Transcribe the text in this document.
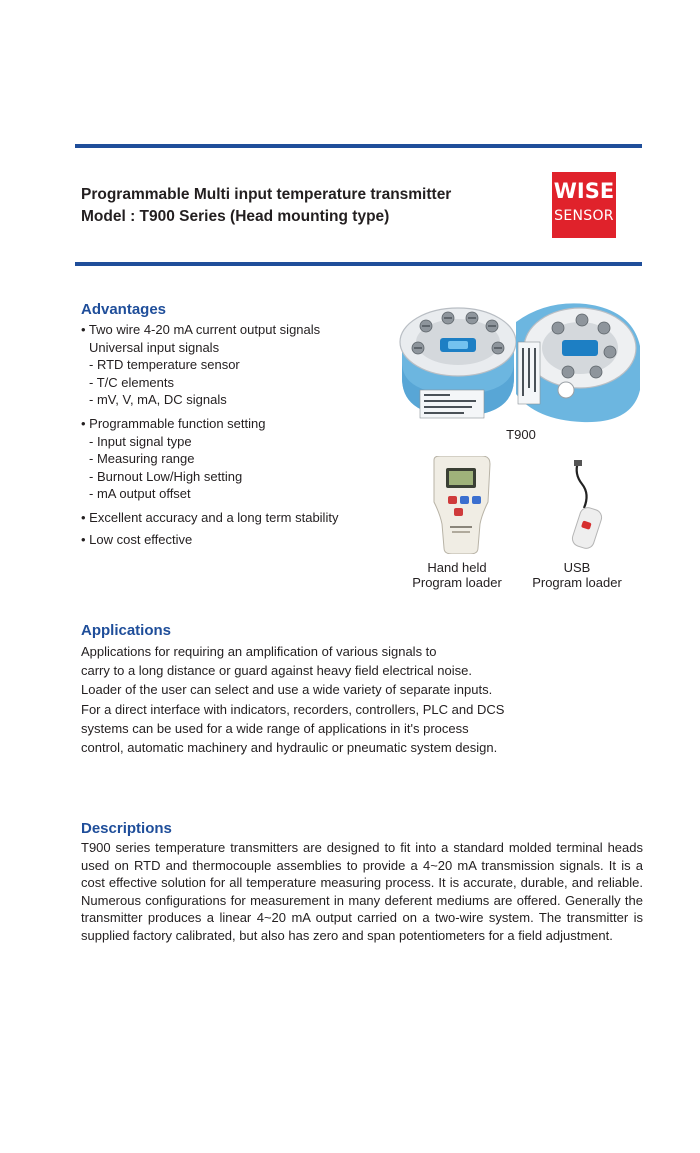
Programmable Multi input temperature transmitter
Model : T900 Series (Head mounting type)
WISE
SENSOR
Advantages

• Two wire 4-20 mA current output signals

Universal input signals

- RTD temperature sensor

- T/C elements

- mV, V, mA, DC signals

• Programmable function setting

- Input signal type

- Measuring range

- Burnout Low/High setting

- mA output offset

• Excellent accuracy and a long term stability

• Low cost effective

T900
Hand held
Program loader
USB
Program loader
Applications

Applications for requiring an amplification of various signals to

carry to a long distance or guard against heavy field electrical noise.

Loader of the user can select and use a wide variety of separate inputs.

For a direct interface with indicators, recorders, controllers, PLC and DCS

systems can be used for a wide range of applications in it's process

control, automatic machinery and hydraulic or pneumatic system design.

Descriptions
T900 series temperature transmitters are designed to fit into a standard molded terminal heads used on RTD and thermocouple assemblies to provide a 4~20 mA transmission signals. It is a cost effective solution for all temperature measuring process. It is accurate, durable, and reliable. Numerous configurations for measurement in many deferent mediums are offered. Generally the transmitter produces a linear 4~20 mA output carried on a two-wire system. The transmitter is supplied factory calibrated, but also has zero and span potentiometers for a field adjustment.
